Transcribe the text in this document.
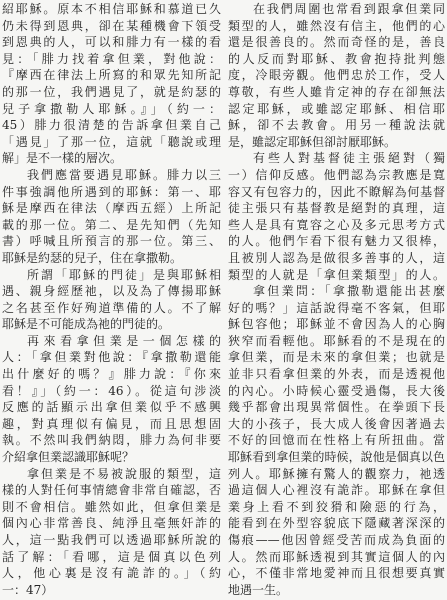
紹耶穌。原本不相信耶穌和慕道已久
仍未得到恩典，卻在某種機會下領受
到恩典的人，可以和腓力有一樣的看
見：「腓力找着拿但業，對他說：
『摩西在律法上所寫的和眾先知所記
的那一位，我們遇見了，就是約瑟的
兒子拿撒勒人耶穌。』」（約一：
45）腓力很清楚的告訴拿但業自己
「遇見」了那一位，這就「聽說或理
解」是不一樣的層次。
我們應當要遇見耶穌。腓力以三
件事強調他所遇到的耶穌：第一、耶
穌是摩西在律法（摩西五經）上所記
載的那一位。第二、是先知們（先知
書）呼喊且所預言的那一位。第三、
耶穌是約瑟的兒子，住在拿撒勒。
所謂「耶穌的門徒」是與耶穌相
遇、親身經歷祂，以及為了傳揚耶穌
之名甚至作好殉道準備的人。不了解
耶穌是不可能成為祂的門徒的。
再來看拿但業是一個怎樣的
人：「拿但業對他說：『拿撒勒還能
出什麼好的嗎？』腓力說：『你來
看！』」（約一：46）。從這句涉淡
反應的話顯示出拿但業似乎不感興
趣，對真理似有偏見，而且思想固
執。不然叫我們納悶，腓力為何非要
介紹拿但業認識耶穌呢？
拿但業是不易被說服的類型，這
樣的人對任何事情總會非常自確認，否
則不會相信。雖然如此，但拿但業是
個內心非常善良、純淨且毫無奸詐的
人，這一點我們可以透過耶穌所說的
話了解：「看哪，這是個真以色列
人，他心裏是沒有詭詐的。」（約
一：47）
在我們周圍也常看到跟拿但業同
類型的人，雖然沒有信主，他們的心
還是很善良的。然而奇怪的是，善良
的人反而對耶穌、教會抱持批判態
度，冷眼旁觀。他們忠於工作，受人
尊敬，有些人雖肯定神的存在卻無法
認定耶穌，或雖認定耶穌、相信耶
穌，卻不去教會。用另一種說法就
是，雖認定耶穌但卻討厭耶穌。
有些人對基督徒主張絕對（獨
一）信仰反感。他們認為宗教應是寬
容又有包容力的，因此不瞭解為何基督
徒主張只有基督教是絕對的真理，這
些人是具有寬容之心及多元思考方式
的人。他們乍看下很有魅力又很棒，
且被別人認為是做很多善事的人，這
類型的人就是「拿但業類型」的人。
拿但業問：「拿撒勒還能出甚麼
好的嗎？」這話說得毫不客氣，但耶
穌包容他；耶穌並不會因為人的心胸
狹窄而看輕他。耶穌看的不是現在的
拿但業，而是未來的拿但業；也就是
並非只看拿但業的外表，而是透視他
的內心。小時候心靈受過傷，長大後
幾乎都會出現異常個性。在拳頭下長
大的小孩子，長大成人後會因著過去
不好的回憶而在性格上有所扭曲。當
耶穌看到拿但業的時候，說他是個真以色
列人。耶穌擁有驚人的觀察力，祂透
過這個人心裡沒有詭詐。耶穌在拿但
業身上看不到狡猾和險惡的行為，
能看到在外型容貌底下隱藏著深深的
傷痕——他因曾經受苦而成為負面的
人。然而耶穌透視到其實這個人的內
心，不僅非常地愛神而且很想要真實
地遇一生。
